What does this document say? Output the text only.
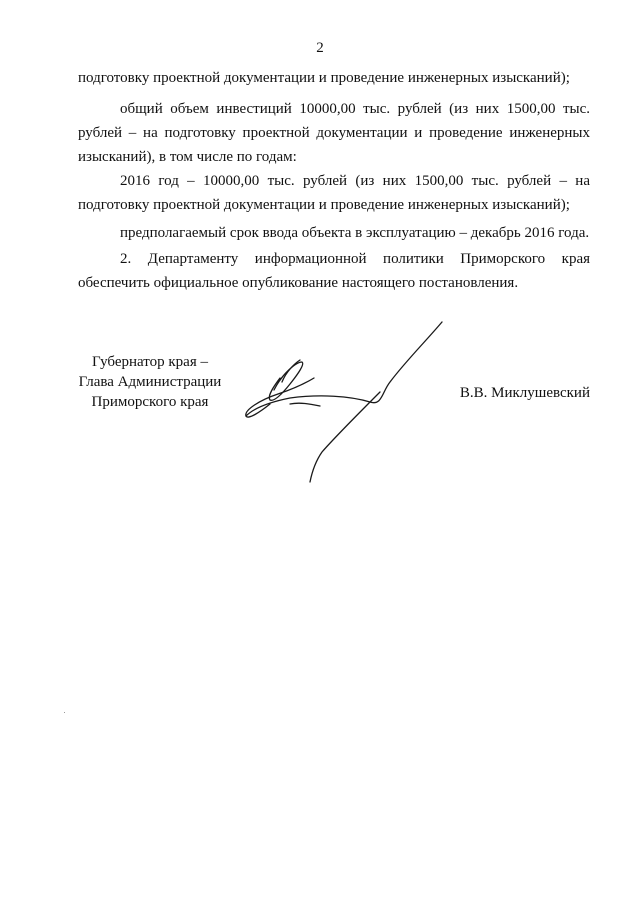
2
подготовку проектной документации и проведение инженерных изысканий);
общий объем инвестиций 10000,00 тыс. рублей (из них 1500,00 тыс.
рублей – на подготовку проектной документации и проведение инженерных
изысканий), в том числе по годам:
2016 год – 10000,00 тыс. рублей (из них 1500,00 тыс. рублей – на
подготовку проектной документации и проведение инженерных изысканий);
предполагаемый срок ввода объекта в эксплуатацию – декабрь 2016 года.
2. Департаменту информационной политики Приморского края
обеспечить официальное опубликование настоящего постановления.
Губернатор края –
Глава Администрации
Приморского края
В.В. Миклушевский
